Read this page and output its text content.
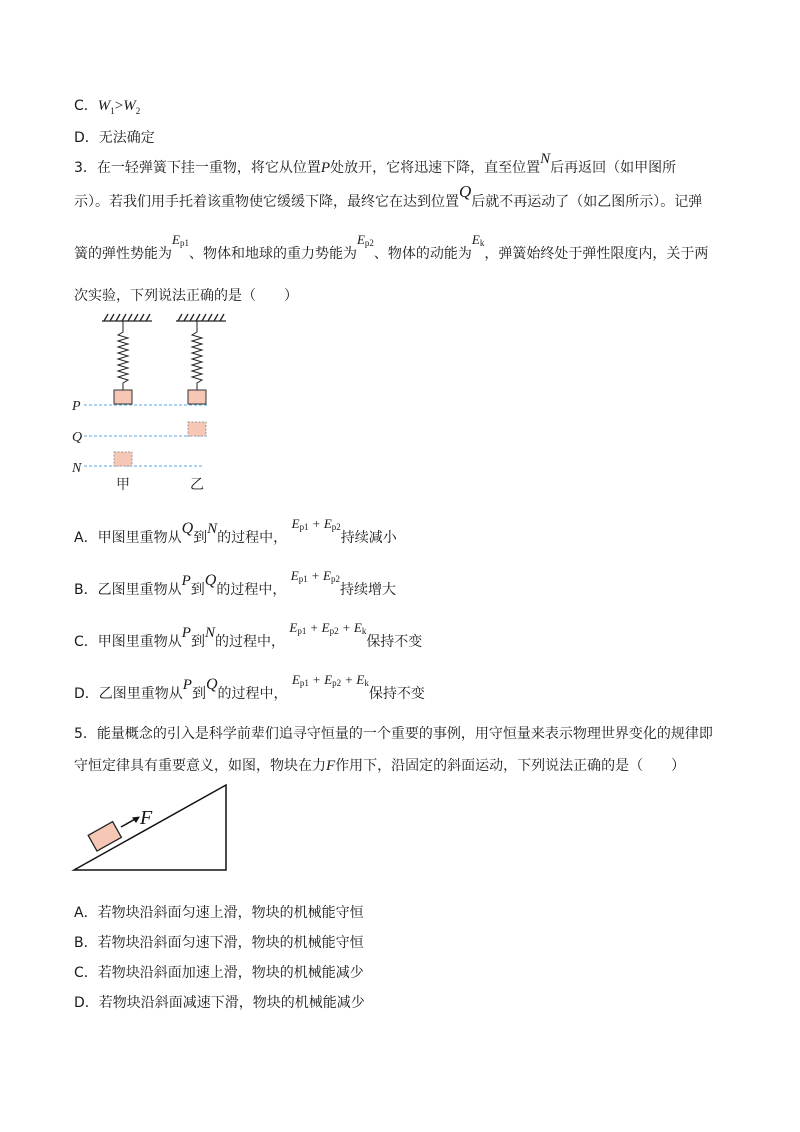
C．$W_1>W_2$
D．无法确定
3．在一轻弹簧下挂一重物，将它从位置P处放开，它将迅速下降，直至位置N后再返回（如甲图所
示）。若我们用手托着该重物使它缓缓下降，最终它在达到位置Q后就不再运动了（如乙图所示）。记弹
簧的弹性势能为$E_{p1}$、物体和地球的重力势能为$E_{p2}$、物体的动能为$E_k$，弹簧始终处于弹性限度内，关于两
次实验，下列说法正确的是（　　）
P
Q
N
甲	乙
A．甲图里重物从Q到N的过程中， $E_{p1} + E_{p2}$持续减小
B．乙图里重物从P到Q的过程中， $E_{p1} + E_{p2}$持续增大
C．甲图里重物从P到N的过程中， $E_{p1} + E_{p2} + E_k$保持不变
D．乙图里重物从P到Q的过程中， $E_{p1} + E_{p2} + E_k$保持不变
5．能量概念的引入是科学前辈们追寻守恒量的一个重要的事例，用守恒量来表示物理世界变化的规律即
守恒定律具有重要意义，如图，物块在力F作用下，沿固定的斜面运动，下列说法正确的是（　　）
F
A．若物块沿斜面匀速上滑，物块的机械能守恒
B．若物块沿斜面匀速下滑，物块的机械能守恒
C．若物块沿斜面加速上滑，物块的机械能减少
D．若物块沿斜面减速下滑，物块的机械能减少
